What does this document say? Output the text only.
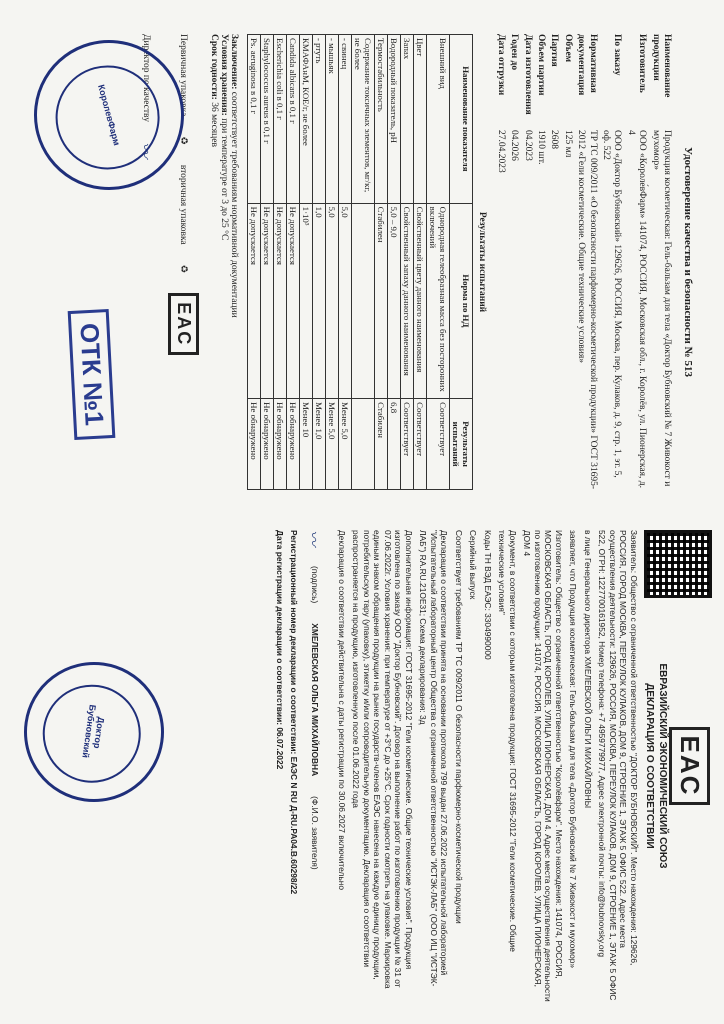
Удостоверение качества и безопасности № 513
Наименование продукции
Продукция косметическая: Гель-бальзам для тела «Доктор Бубновский № 7 Живокост и мухомор»
Изготовитель
ООО «Короле́вФарм» 141074, РОССИЯ, Московская обл., г. Королёв, ул. Пионерская, д. 4
По заказу
ООО «Доктор Бубновский» 129626, РОССИЯ, Москва, пер. Кулаков, д. 9, стр. 1, эт. 5, оф. 522
Нормативная документация
ТР ТС 009/2011 «О безопасности парфюмерно-косметической продукции» ГОСТ 31695-2012 «Гели косметические. Общие технические условия»
Объем
125 мл
Партия
2608
Объем партии
1910 шт.
Дата изготовления
04.2023
Годен до
04.2026
Дата отгрузки
27.04.2023
Результаты испытаний
Наименование показателя	Норма по НД	Результаты испытаний
Внешний вид	Однородная гелеобразная масса без посторонних включений	Соответствует
Цвет	Свойственный цвету данного наименования	Соответствует
Запах	Свойственный запаху данного наименования	Соответствует
Водородный показатель, pH	5,0 – 9,0	6,8
Термостабильность	Стабилен	Стабилен
Содержание токсичных элементов, мг/кг, не более		
- свинец	5,0	Менее 5,0
- мышьяк	5,0	Менее 5,0
- ртуть	1,0	Менее 1,0
КМАФАнМ, КОЕ/г, не более	1·10³	Менее 10
Candida albicans в 0,1 г	Не допускается	Не обнаружено
Escherichia coli в 0,1 г	Не допускается	Не обнаружено
Staphylococcus aureus в 0,1 г	Не допускается	Не обнаружено
Ps. aeruginosa в 0,1 г	Не допускается	Не обнаружено
Заключение: соответствует требованиям нормативной документации
Условия хранения: при температуре от 3 до 25 °С
Срок годности: 36 месяцев
Первичная упаковка
♻
вторичная упаковка
♻
EAC
Директор по качеству
〰
ОТК №1
КоролевФарм
EAC
ЕВРАЗИЙСКИЙ ЭКОНОМИЧЕСКИЙ СОЮЗ
ДЕКЛАРАЦИЯ О СООТВЕТСТВИИ

Заявитель: Общество с ограниченной ответственностью "ДОКТОР БУБНОВСКИЙ". Место нахождения: 129626, РОССИЯ, ГОРОД МОСКВА, ПЕРЕУЛОК КУЛАКОВ, ДОМ 9, СТРОЕНИЕ 1, ЭТАЖ 5 ОФИС 522. Адрес места осуществления деятельности: 129626, РОССИЯ, МОСКВА, ПЕРЕУЛОК КУЛАКОВ, ДОМ 9, СТРОЕНИЕ 1, ЭТАЖ 5 ОФИС 522, ОГРН: 1227700161952, Номер телефона: +7 4959779977, Адрес электронной почты: info@bubnovsky.org

в лице Генерального директора ХМЕЛЕВСКОЙ ОЛЬГИ МИХАЙЛОВНЫ

заявляет, что Продукция косметическая: Гель-бальзам для тела «Доктор Бубновский № 7 Живокост и мухомор»

Изготовитель: Общество с ограниченной ответственностью "Королёвфарм". Место нахождения: 141074, РОССИЯ, МОСКОВСКАЯ ОБЛАСТЬ, ГОРОД КОРОЛЕВ, УЛИЦА ПИОНЕРСКАЯ, ДОМ 4. Адрес места осуществления деятельности по изготовлению продукции: 141074, РОССИЯ, МОСКОВСКАЯ ОБЛАСТЬ, ГОРОД КОРОЛЕВ, УЛИЦА ПИОНЕРСКАЯ, ДОМ 4

Документ, в соответствии с которым изготовлена продукция: ГОСТ 31695-2012 "Гели косметические. Общие технические условия"

Коды ТН ВЭД ЕАЭС: 3304990000

Серийный выпуск

Соответствует требованиям ТР ТС 009/2011 О безопасности парфюмерно-косметической продукции

Декларация о соответствии принята на основании протокола 799 выдан 27.06.2022 испытательной лабораторией "Испытательный лабораторный центр Общества с ограниченной ответственностью "ИСТЭК-ЛАБ" (ООО ИЦ "ИСТЭК-ЛАБ") RA.RU.21OE31; Схема декларирования: 3д

Дополнительная информация: ГОСТ 31695-2012 "Гели косметические. Общие технические условия". Продукция изготовлена по заказу ООО "Доктор Бубновский". Договор на выполнение работ по изготовлению продукции № 31 от 07.06.2022г. Условия хранения: при температуре от +3°С до +25°С. Срок годности смотреть на упаковке. Маркировка единым знаком обращения продукции на рынке государств-членов ЕАЭС нанесена на каждую единицу продукции, потребительскую тару (упаковку), этикетку и/или сопроводительную документацию. Декларация о соответствии распространяется на продукцию, изготовленную после 01.06.2022 года

Декларация о соответствии действительна с даты регистрации по 30.06.2027 включительно

〰
(подпись)
ХМЕЛЕВСКАЯ ОЛЬГА МИХАЙЛОВНА
(Ф.И.О. заявителя)

Регистрационный номер декларации о соответствии: ЕАЭС N RU Д-RU.РА04.В.60298/22

Дата регистрации декларации о соответствии: 06.07.2022

Доктор Бубновский
